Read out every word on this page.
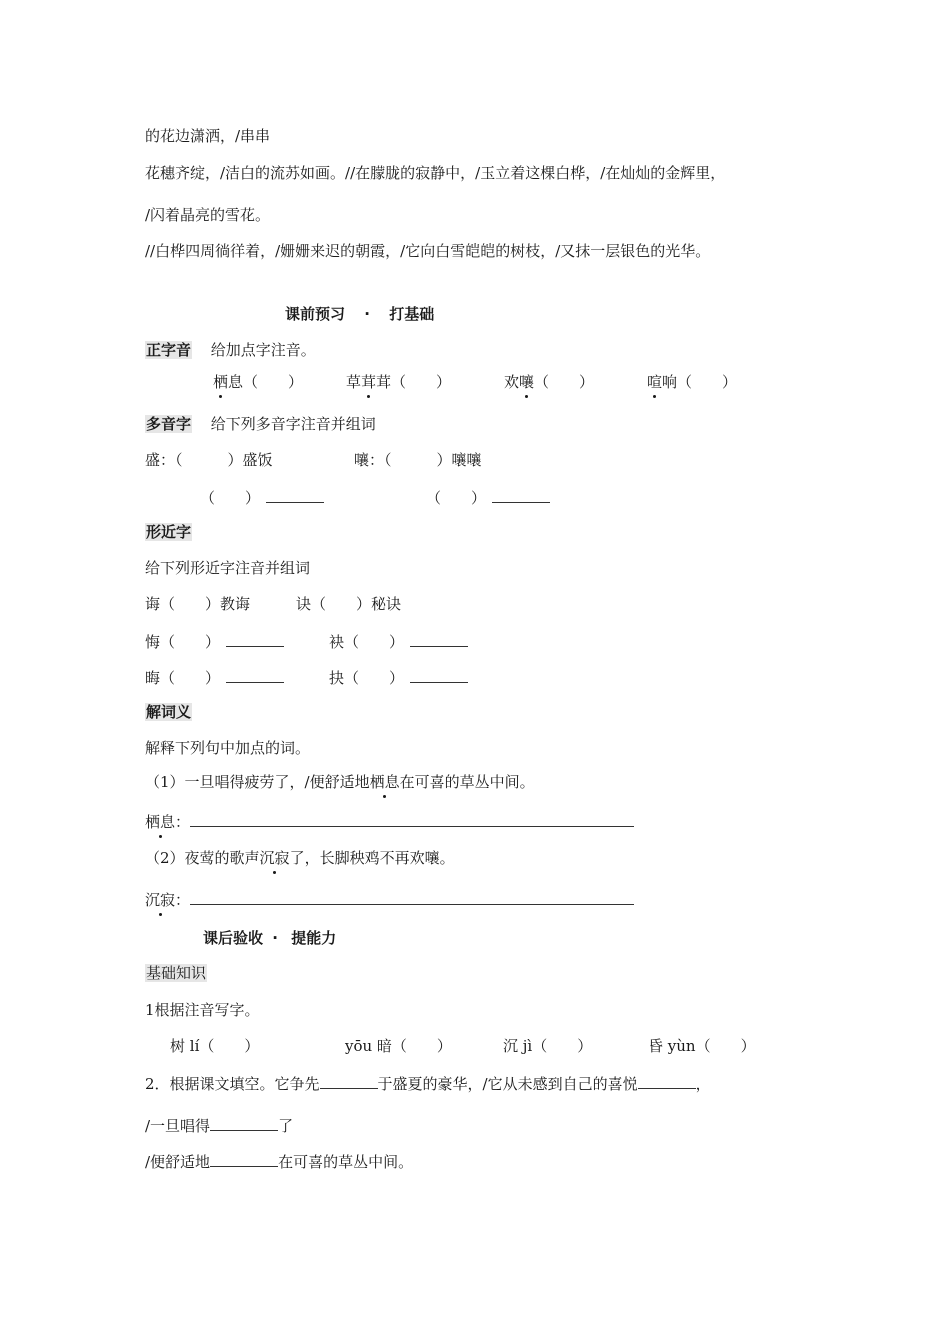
的花边潇洒，/串串
花穗齐绽，/洁白的流苏如画。//在朦胧的寂静中，/玉立着这棵白桦，/在灿灿的金辉里，
/闪着晶亮的雪花。
//白桦四周徜徉着，/姗姗来迟的朝霞，/它向白雪皑皑的树枝，/又抹一层银色的光华。
课前预习 · 打基础
正字音 给加点字注音。
栖息（　　）	草茸茸（　　）	欢嚷（　　）	喧响（　　）
多音字 给下列多音字注音并组词
盛：（　　　）盛饭	嚷：（　　　）嚷嚷
（　　）	（　　）
形近字
给下列形近字注音并组词
诲（　　）教诲	诀（　　）秘诀
悔（　　）	袂（　　）
晦（　　）	抉（　　）
解词义
解释下列句中加点的词。
（1）一旦唱得疲劳了，/便舒适地栖息在可喜的草丛中间。
栖息：
（2）夜莺的歌声沉寂了，长脚秧鸡不再欢嚷。
沉寂：
课后验收 · 提能力
基础知识
1根据注音写字。
树 lí（　　）	yōu 暗（　　）	沉 jì（　　）	昏 yùn（　　）
2．根据课文填空。它争先	于盛夏的豪华，/它从未感到自己的喜悦	，
/一旦唱得	了
/便舒适地	在可喜的草丛中间。
